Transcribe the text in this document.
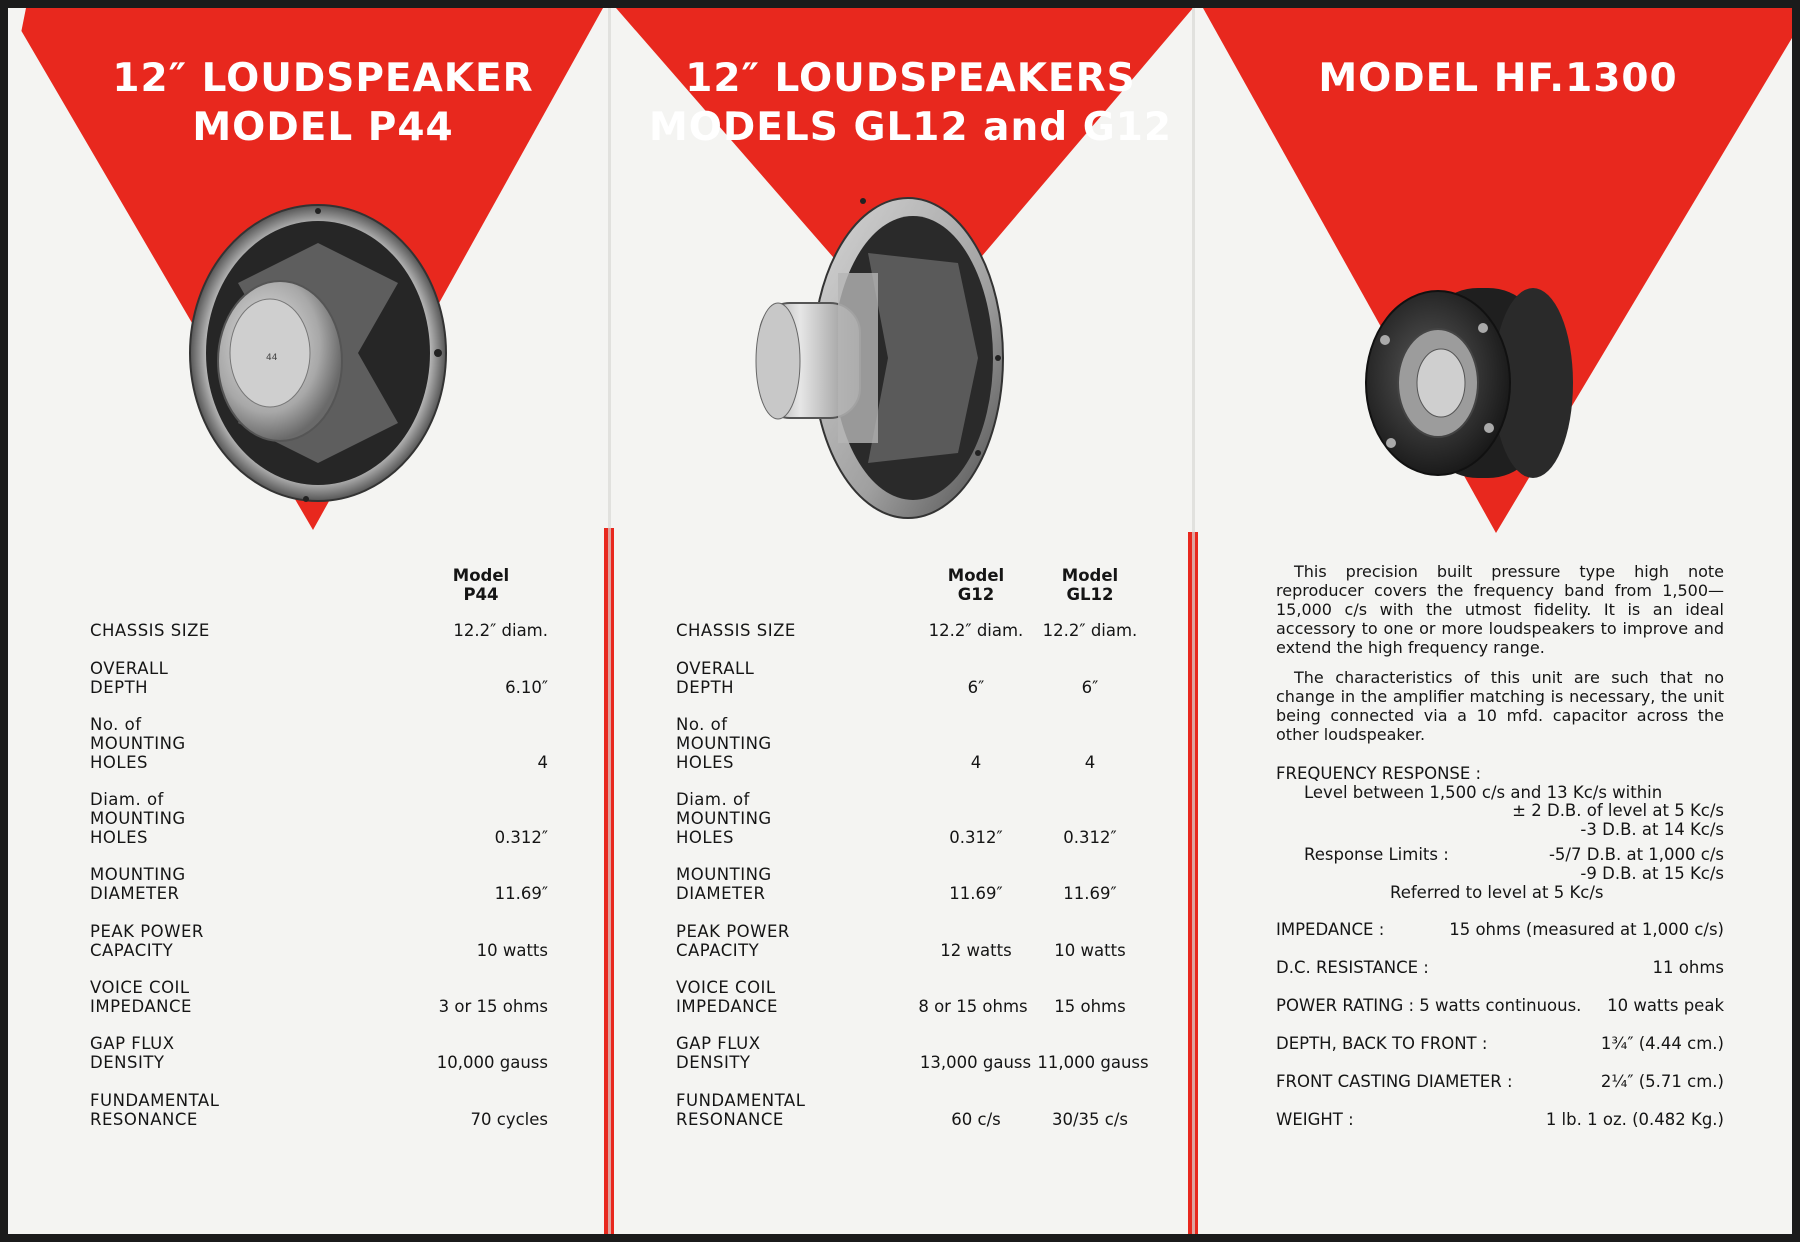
12″ LOUDSPEAKER
MODEL P44
44
Model
P44
CHASSIS SIZE	12.2″ diam.
OVERALL
DEPTH	6.10″
No. of
MOUNTING
HOLES	4
Diam. of
MOUNTING
HOLES	0.312″
MOUNTING
DIAMETER	11.69″
PEAK POWER
CAPACITY	10 watts
VOICE COIL
IMPEDANCE	3 or 15 ohms
GAP FLUX
DENSITY	10,000 gauss
FUNDAMENTAL
RESONANCE	70 cycles
12″ LOUDSPEAKERS
MODELS GL12 and G12
Model
G12
Model
GL12
CHASSIS SIZE	12.2″ diam.	12.2″ diam.
OVERALL
DEPTH	6″	6″
No. of
MOUNTING
HOLES	4	4
Diam. of
MOUNTING
HOLES	0.312″	0.312″
MOUNTING
DIAMETER	11.69″	11.69″
PEAK POWER
CAPACITY	12 watts	10 watts
VOICE COIL
IMPEDANCE	8 or 15 ohms	15 ohms
GAP FLUX
DENSITY	13,000 gauss 11,000 gauss
FUNDAMENTAL
RESONANCE	60 c/s	30/35 c/s
MODEL HF.1300
This precision built pressure type high note reproducer covers the frequency band from 1,500—15,000 c/s with the utmost fidelity. It is an ideal accessory to one or more loudspeakers to improve and extend the high frequency range.
The characteristics of this unit are such that no change in the amplifier matching is necessary, the unit being connected via a 10 mfd. capacitor across the other loudspeaker.
FREQUENCY RESPONSE :
Level between 1,500 c/s and 13 Kc/s within
± 2 D.B. of level at 5 Kc/s
-3 D.B. at 14 Kc/s
Response Limits :	-5/7 D.B. at 1,000 c/s
-9 D.B. at 15 Kc/s
Referred to level at 5 Kc/s
IMPEDANCE :	15 ohms (measured at 1,000 c/s)
D.C. RESISTANCE :	11 ohms
POWER RATING : 5 watts continuous.	10 watts peak
DEPTH, BACK TO FRONT :	1¾″ (4.44 cm.)
FRONT CASTING DIAMETER :	2¼″ (5.71 cm.)
WEIGHT :	1 lb. 1 oz. (0.482 Kg.)
